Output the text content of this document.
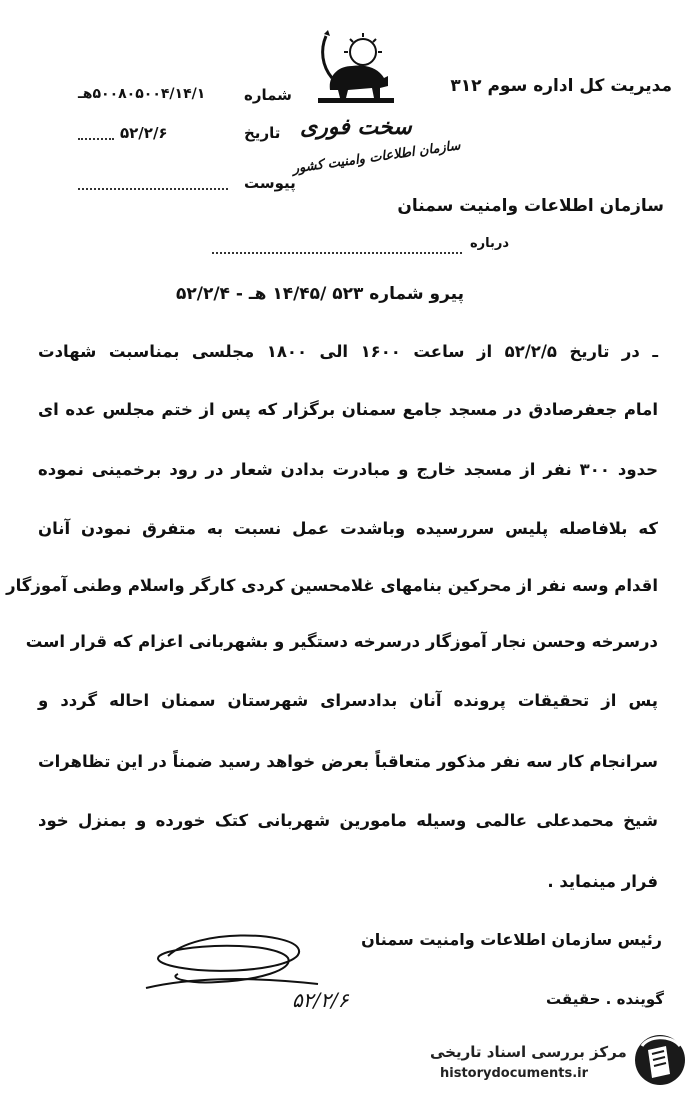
مدیریت کل اداره سوم ۳۱۲
سخت فوری
سازمان اطلاعات وامنیت کشور
شماره
۵۰۰۸۰۵۰۰۴/۱۴/۱هـ
تاریخ
۵۲/۲/۶
پیوست
سازمان اطلاعات وامنیت سمنان
درباره
پیرو شماره ۵۲۳ /۱۴/۴۵ هـ - ۵۲/۲/۴
ـ در تاریخ ۵۲/۲/۵ از ساعت ۱۶۰۰ الی ۱۸۰۰ مجلسی بمناسبت شهادت
امام جعفرصادق در مسجد جامع سمنان برگزار که پس از ختم مجلس عده ای
حدود ۳۰۰ نفر از مسجد خارج و مبادرت بدادن شعار در رود برخمینی نموده
که بلافاصله پلیس سررسیده وباشدت عمل نسبت به متفرق نمودن آنان
اقدام وسه نفر از محرکین بنامهای غلامحسین کردی کارگر واسلام وطنی آموزگار
درسرخه وحسن نجار آموزگار درسرخه دستگیر و بشهربانی اعزام که قرار است
پس از تحقیقات پرونده آنان بدادسرای شهرستان سمنان احاله گردد و
سرانجام کار سه نفر مذکور متعاقباً بعرض خواهد رسید ضمناً در این تظاهرات
شیخ محمدعلی عالمی وسیله مامورین شهربانی کتک خورده و بمنزل خود
فرار مینماید .
رئیس سازمان اطلاعات وامنیت سمنان
۵۲/۲/۶	گوینده . حقیقت
مرکز بررسی اسناد تاریخی
historydocuments.ir
